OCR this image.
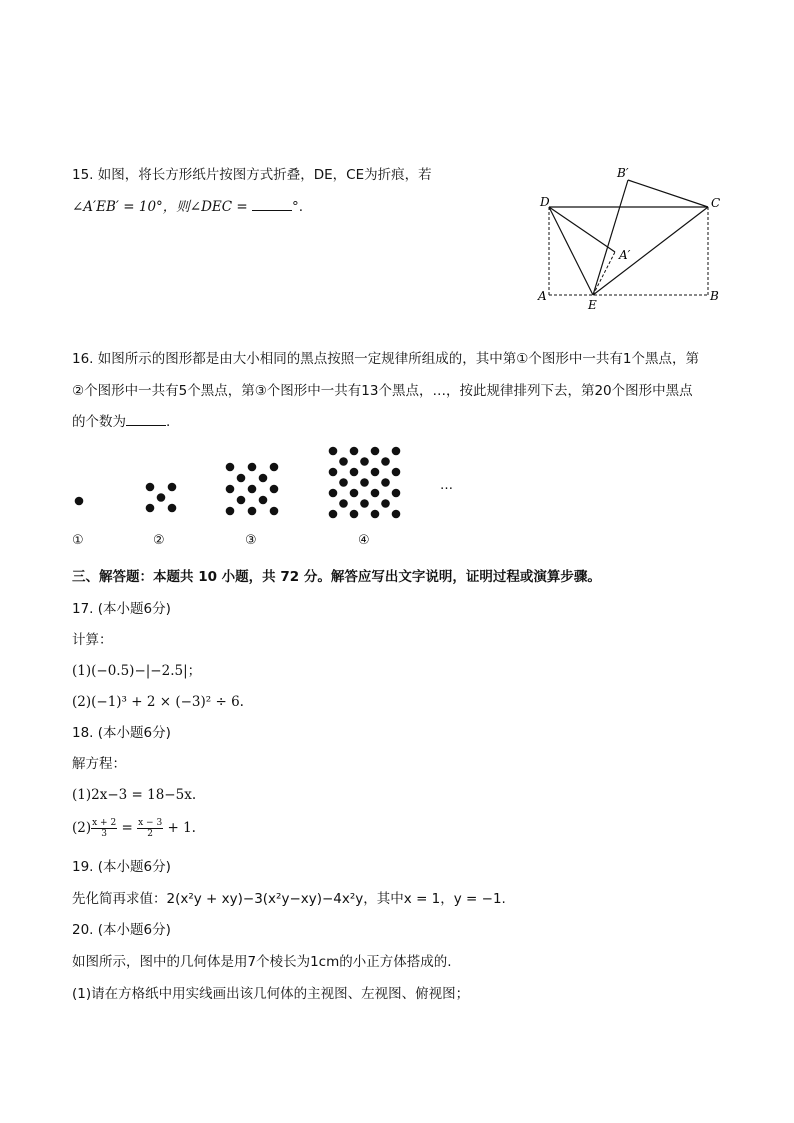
15. 如图，将长方形纸片按图方式折叠，DE，CE为折痕，若
∠A′EB′ = 10°，则∠DEC =	°.	D	C
A	B
E
A′
B′
16. 如图所示的图形都是由大小相同的黑点按照一定规律所组成的，其中第①个图形中一共有1个黑点，第
②个图形中一共有5个黑点，第③个图形中一共有13个黑点，…，按此规律排列下去，第20个图形中黑点
的个数为	.
…
①	②	③	④
三、解答题：本题共 10 小题，共 72 分。解答应写出文字说明，证明过程或演算步骤。
17. (本小题6分)
计算：
(1)(−0.5)−|−2.5|；
(2)(−1)³ + 2 × (−3)² ÷ 6.
18. (本小题6分)
解方程：
(1)2x−3 = 18−5x.
$(2) \frac{x + 2}{3} = \frac{x - 3}{2} + 1$.
19. (本小题6分)
先化简再求值：2(x²y + xy)−3(x²y−xy)−4x²y，其中x = 1，y = −1.
20. (本小题6分)
如图所示，图中的几何体是用7个棱长为1cm的小正方体搭成的.
(1)请在方格纸中用实线画出该几何体的主视图、左视图、俯视图；
